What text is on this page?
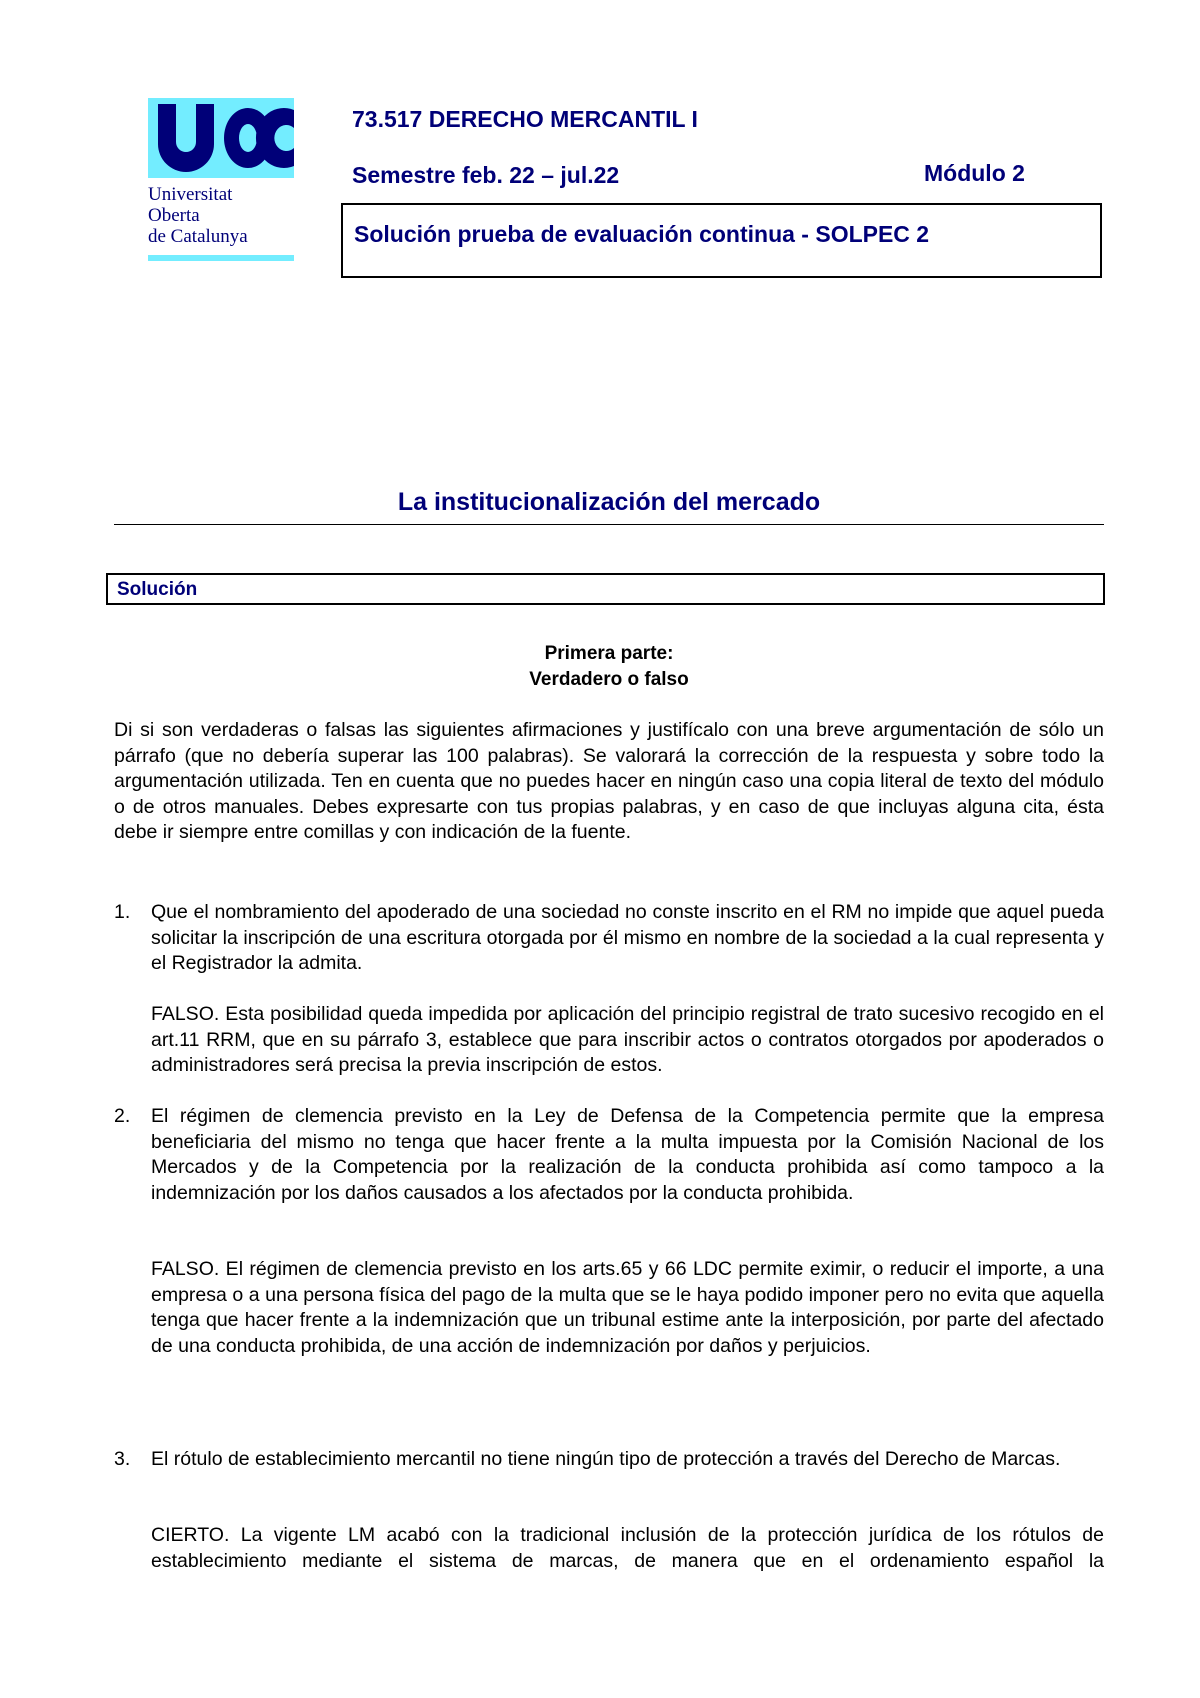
Universitat
Oberta
de Catalunya
73.517 DERECHO MERCANTIL I
Semestre feb. 22 – jul.22	Módulo 2
Solución prueba de evaluación continua - SOLPEC 2
La institucionalización del mercado
Solución
Primera parte:
Verdadero o falso
Di si son verdaderas o falsas las siguientes afirmaciones y justifícalo con una breve argumentación de sólo un párrafo (que no debería superar las 100 palabras). Se valorará la corrección de la respuesta y sobre todo la argumentación utilizada. Ten en cuenta que no puedes hacer en ningún caso una copia literal de texto del módulo o de otros manuales. Debes expresarte con tus propias palabras, y en caso de que incluyas alguna cita, ésta debe ir siempre entre comillas y con indicación de la fuente.
1. Que el nombramiento del apoderado de una sociedad no conste inscrito en el RM no impide que aquel pueda solicitar la inscripción de una escritura otorgada por él mismo en nombre de la sociedad a la cual representa y el Registrador la admita.
FALSO. Esta posibilidad queda impedida por aplicación del principio registral de trato sucesivo recogido en el art.11 RRM, que en su párrafo 3, establece que para inscribir actos o contratos otorgados por apoderados o administradores será precisa la previa inscripción de estos.
2. El régimen de clemencia previsto en la Ley de Defensa de la Competencia permite que la empresa beneficiaria del mismo no tenga que hacer frente a la multa impuesta por la Comisión Nacional de los Mercados y de la Competencia por la realización de la conducta prohibida así como tampoco a la indemnización por los daños causados a los afectados por la conducta prohibida.
FALSO. El régimen de clemencia previsto en los arts.65 y 66 LDC permite eximir, o reducir el importe, a una empresa o a una persona física del pago de la multa que se le haya podido imponer pero no evita que aquella tenga que hacer frente a la indemnización que un tribunal estime ante la interposición, por parte del afectado de una conducta prohibida, de una acción de indemnización por daños y perjuicios.
3. El rótulo de establecimiento mercantil no tiene ningún tipo de protección a través del Derecho de Marcas.
CIERTO. La vigente LM acabó con la tradicional inclusión de la protección jurídica de los rótulos de establecimiento mediante el sistema de marcas, de manera que en el ordenamiento español la
